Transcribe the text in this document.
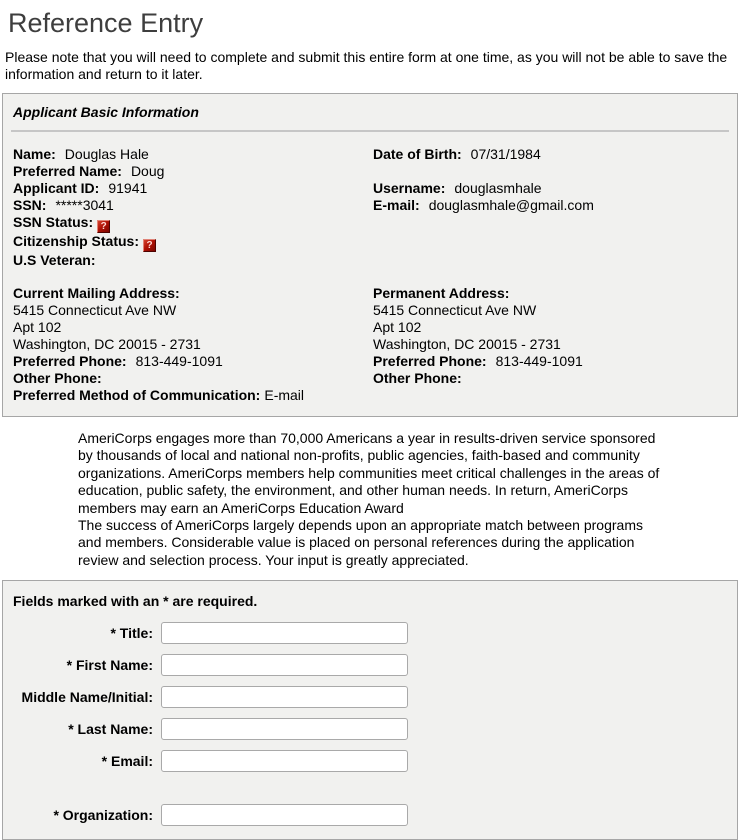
Reference Entry
Please note that you will need to complete and submit this entire form at one time, as you will not be able to save the information and return to it later.
Applicant Basic Information
Name: Douglas Hale
Preferred Name: Doug
Applicant ID: 91941
SSN: *****3041
SSN Status: ?
Citizenship Status: ?
U.S Veteran:
Date of Birth: 07/31/1984
Username: douglasmhale
E-mail: douglasmhale@gmail.com
Current Mailing Address:
5415 Connecticut Ave NW
Apt 102
Washington, DC 20015 - 2731
Preferred Phone: 813-449-1091
Other Phone:
Preferred Method of Communication: E-mail
Permanent Address:
5415 Connecticut Ave NW
Apt 102
Washington, DC 20015 - 2731
Preferred Phone: 813-449-1091
Other Phone:

AmeriCorps engages more than 70,000 Americans a year in results-driven service sponsored by thousands of local and national non-profits, public agencies, faith-based and community organizations. AmeriCorps members help communities meet critical challenges in the areas of education, public safety, the environment, and other human needs. In return, AmeriCorps members may earn an AmeriCorps Education Award

The success of AmeriCorps largely depends upon an appropriate match between programs and members. Considerable value is placed on personal references during the application review and selection process. Your input is greatly appreciated.

Fields marked with an * are required.
* Title:
* First Name:
Middle Name/Initial:
* Last Name:
* Email:
* Organization:
